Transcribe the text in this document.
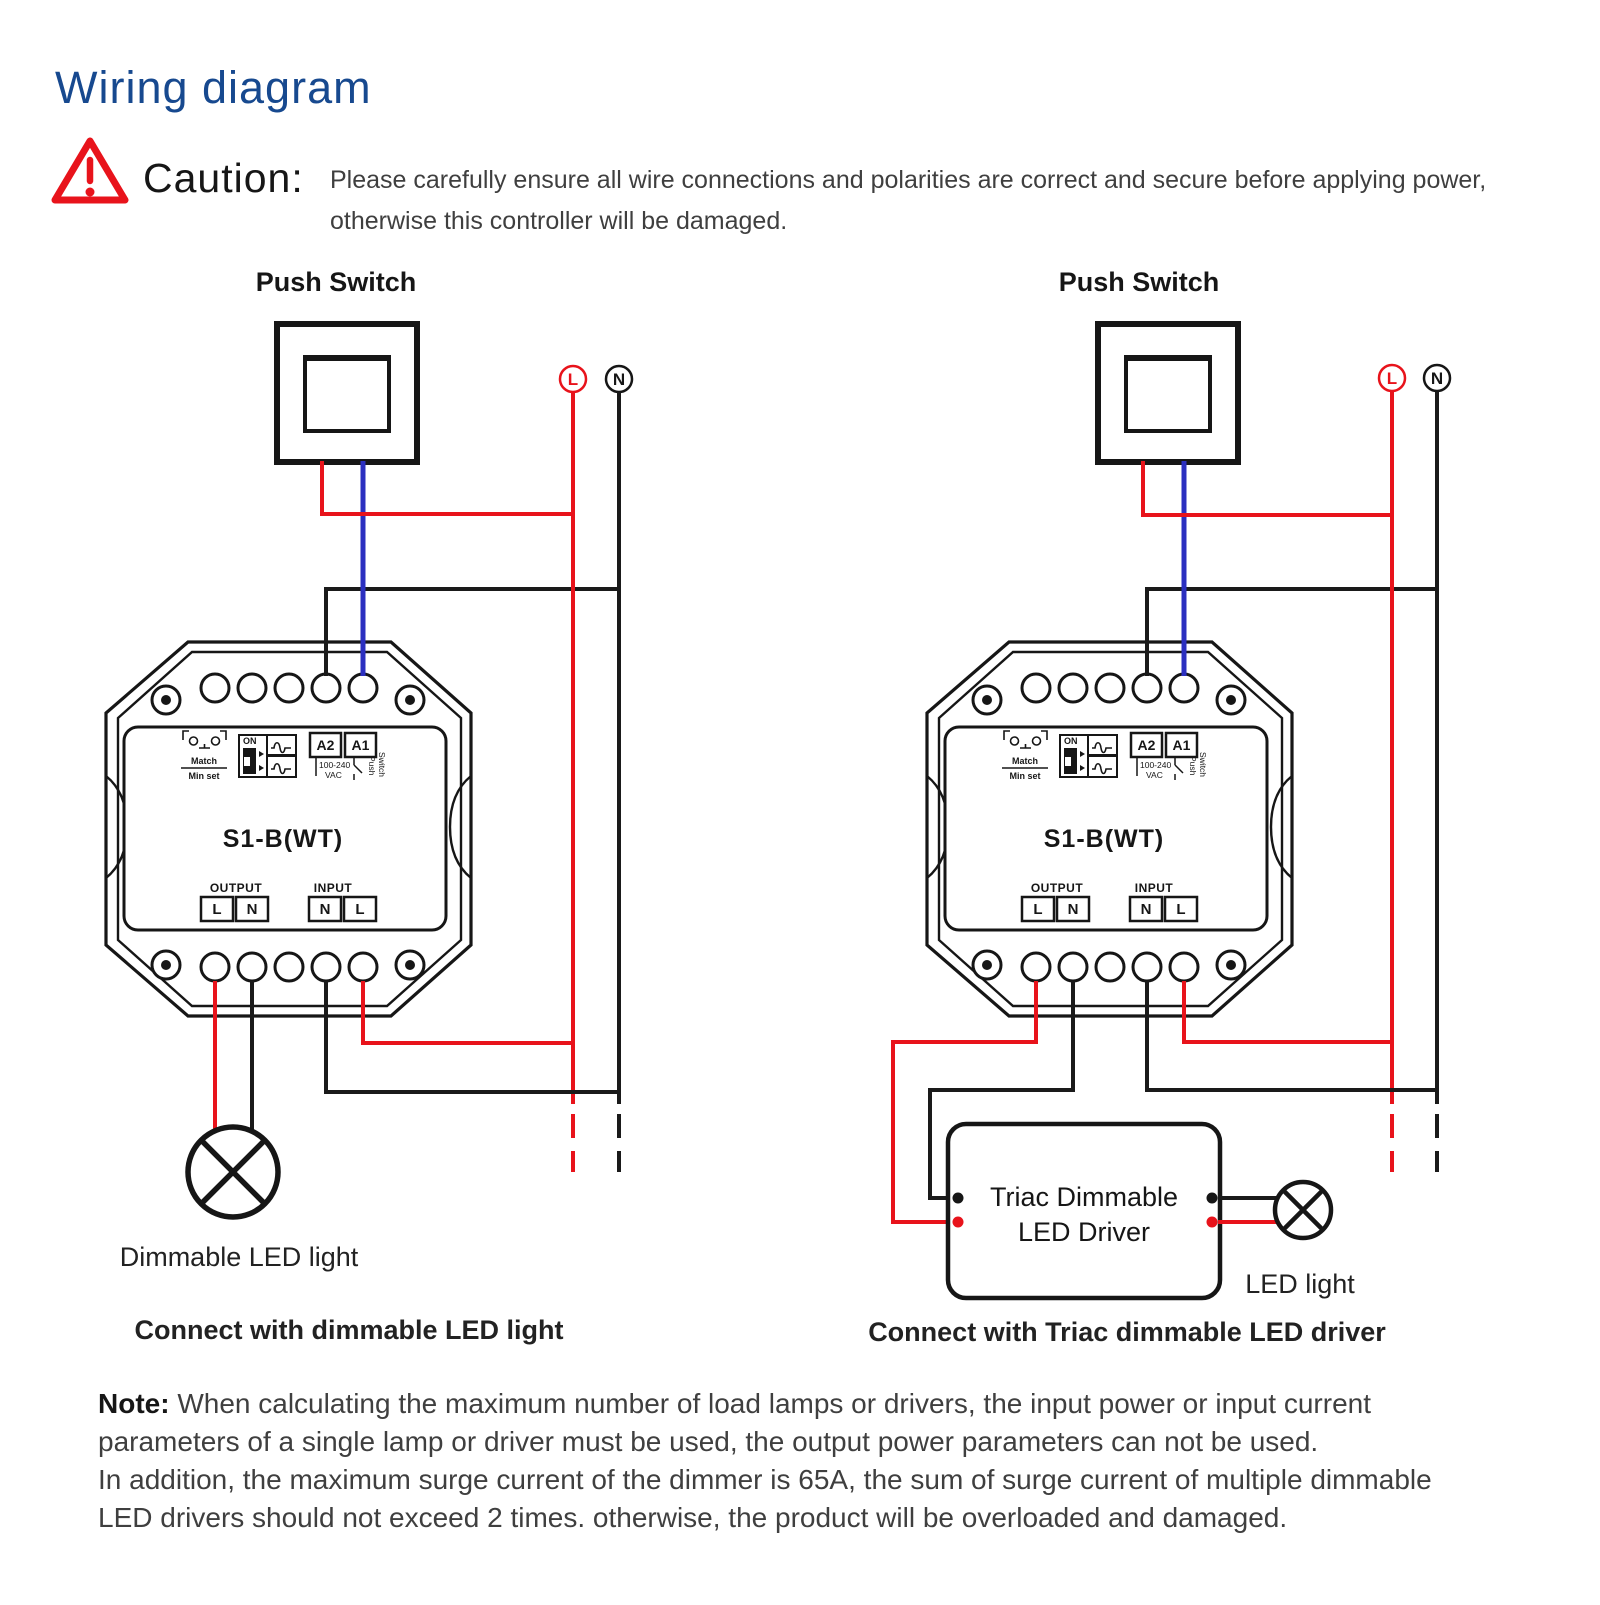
Wiring diagram
Caution: Please carefully ensure all wire connections and polarities are correct and secure before applying power,
otherwise this controller will be damaged.
Push Switch
L N
Match
Min set
ON	A2 A1
100-240
VAC	Push Switch
S1-B(WT)
OUTPUT	INPUT
L N	N L
Dimmable LED light
Connect with dimmable LED light
Push Switch
L N
Match
Min set
ON	A2 A1
100-240
VAC	Push Switch
S1-B(WT)
OUTPUT	INPUT
L N	N L
Triac Dimmable
LED Driver
LED light
Connect with Triac dimmable LED driver
Note: When calculating the maximum number of load lamps or drivers, the input power or input current
parameters of a single lamp or driver must be used, the output power parameters can not be used.
In addition, the maximum surge current of the dimmer is 65A, the sum of surge current of multiple dimmable
LED drivers should not exceed 2 times. otherwise, the product will be overloaded and damaged.
